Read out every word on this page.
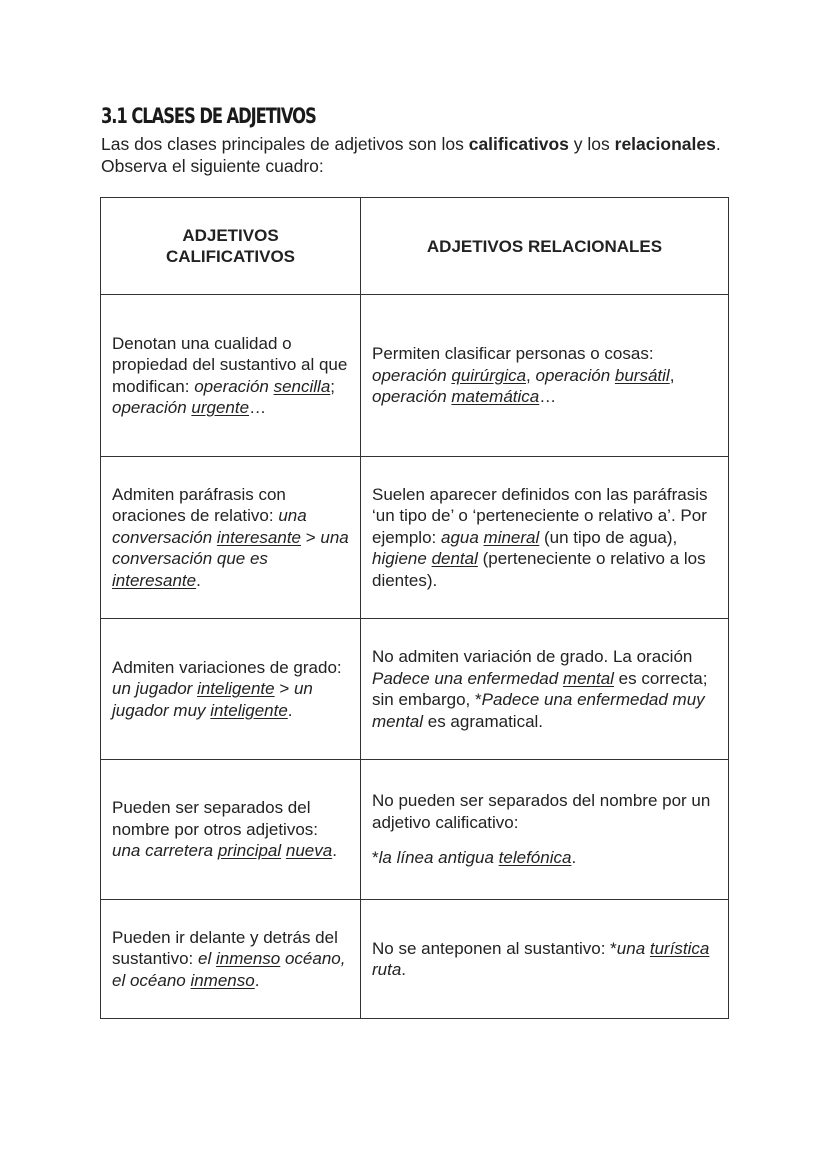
3.1 CLASES DE ADJETIVOS
Las dos clases principales de adjetivos son los calificativos y los relacionales. Observa el siguiente cuadro:
ADJETIVOS CALIFICATIVOS	ADJETIVOS RELACIONALES
Denotan una cualidad o propiedad del sustantivo al que modifican: operación sencilla; operación urgente…	Permiten clasificar personas o cosas: operación quirúrgica, operación bursátil, operación matemática…
Admiten paráfrasis con oraciones de relativo: una conversación interesante > una conversación que es interesante.	Suelen aparecer definidos con las paráfrasis ‘un tipo de’ o ‘perteneciente o relativo a’. Por ejemplo: agua mineral (un tipo de agua), higiene dental (perteneciente o relativo a los dientes).
Admiten variaciones de grado: un jugador inteligente > un jugador muy inteligente.	No admiten variación de grado. La oración Padece una enfermedad mental es correcta; sin embargo, *Padece una enfermedad muy mental es agramatical.
Pueden ser separados del nombre por otros adjetivos: una carretera principal nueva.	No pueden ser separados del nombre por un adjetivo calificativo:
*la línea antigua telefónica.
Pueden ir delante y detrás del sustantivo: el inmenso océano, el océano inmenso.	No se anteponen al sustantivo: *una turística ruta.
